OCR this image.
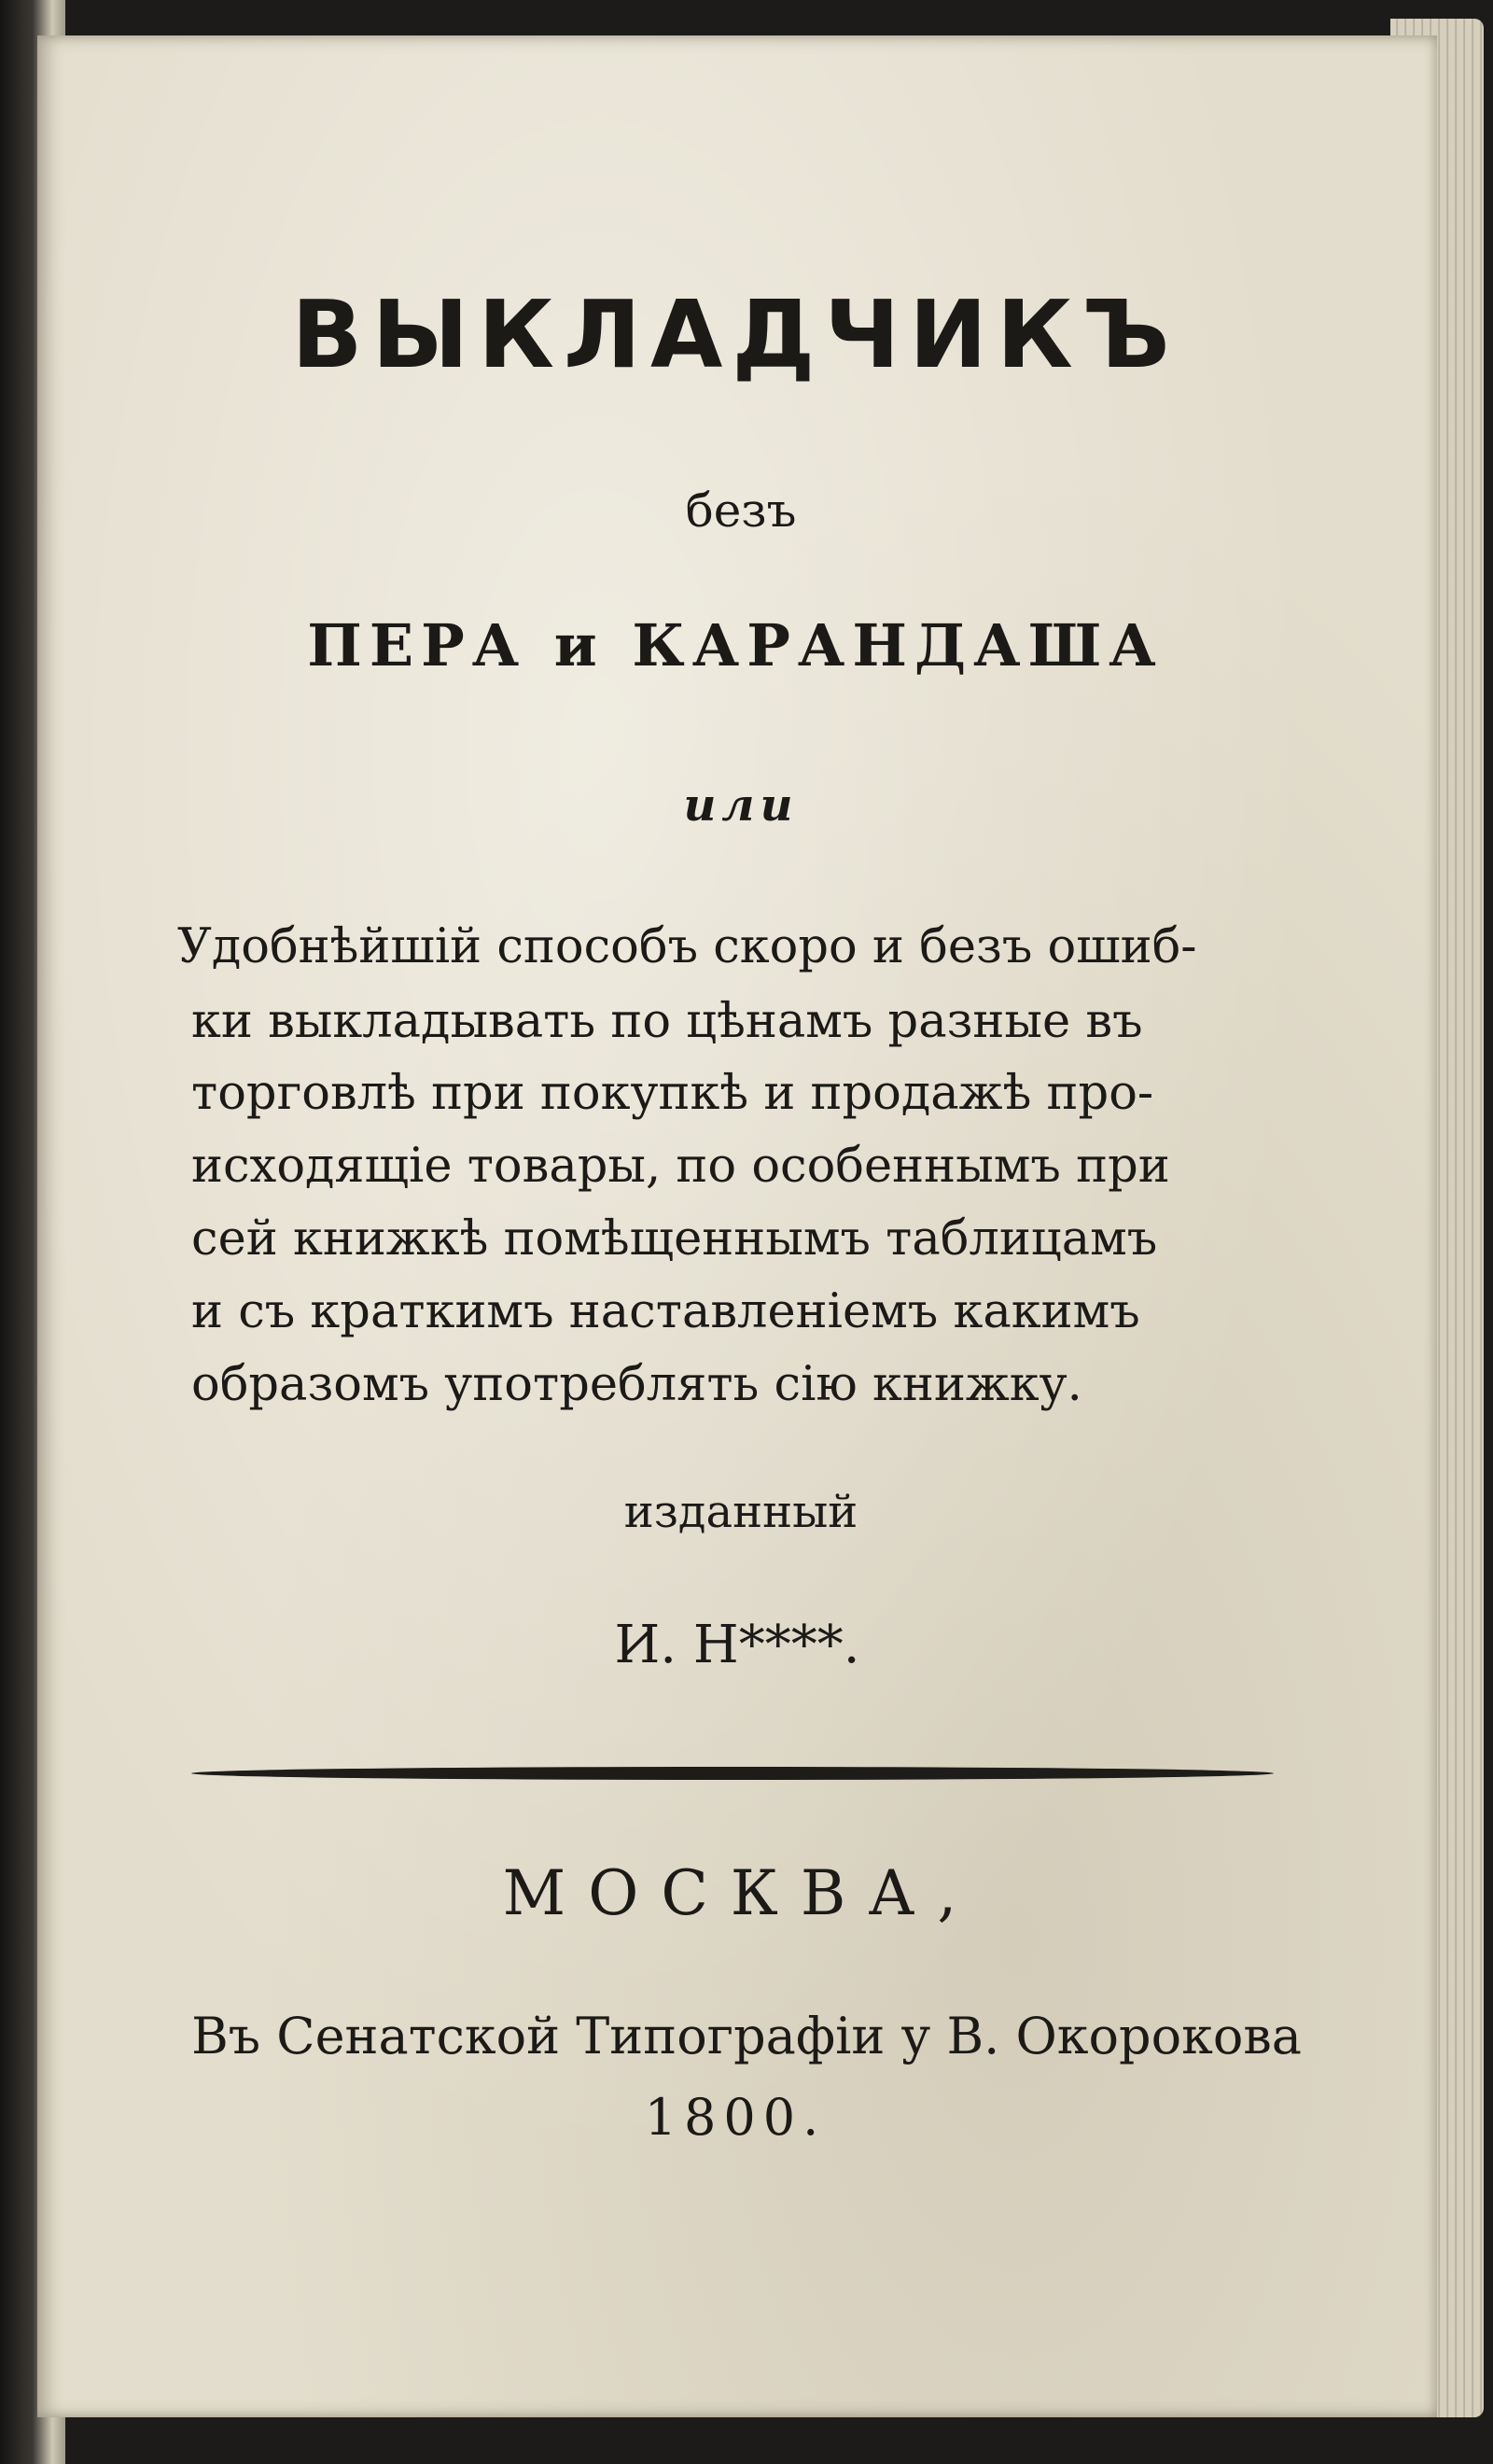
ВЫКЛАДЧИКЪ
безъ
ПЕРА и КАРАНДАША
или
Удобнѣйшій способъ скоро и безъ ошиб-
ки выкладывать по цѣнамъ разные въ
торговлѣ при покупкѣ и продажѣ про-
исходящіе товары, по особеннымъ при
сей книжкѣ помѣщеннымъ таблицамъ
и съ краткимъ наставленіемъ какимъ
образомъ употреблять сію книжку.
изданный
И. Н****.
МОСКВА,
Въ Сенатской Типографіи у В. Окорокова
1800.
